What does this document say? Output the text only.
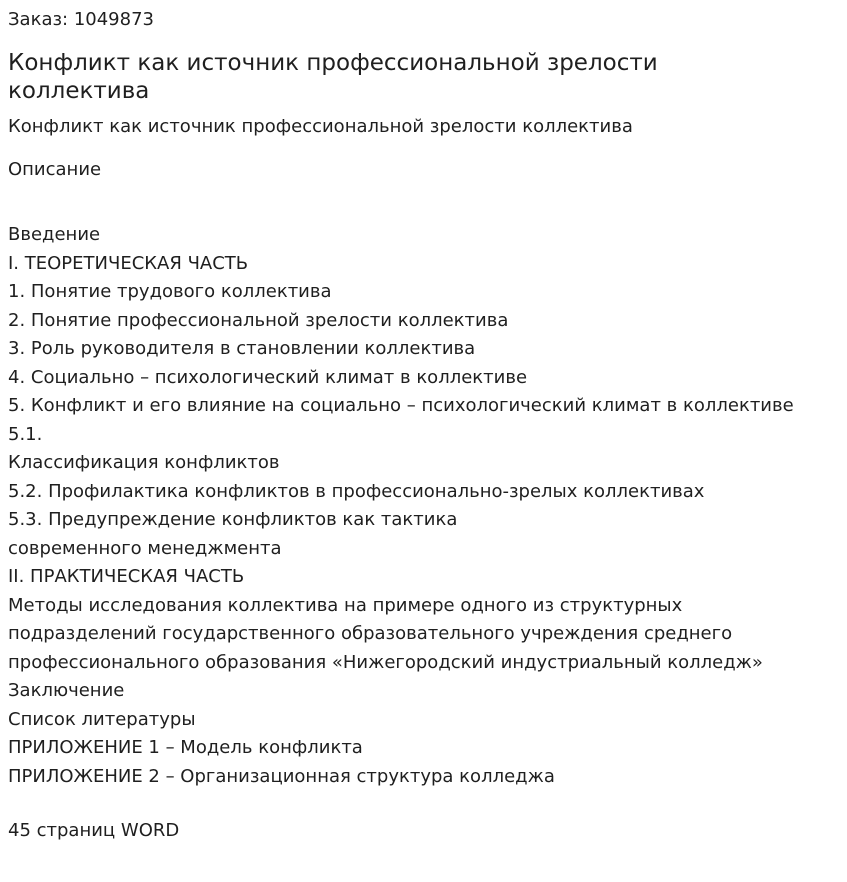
Заказ: 1049873
Конфликт как источник профессиональной зрелости коллектива
Конфликт как источник профессиональной зрелости коллектива
Описание
Введение
I. ТЕОРЕТИЧЕСКАЯ ЧАСТЬ
1. Понятие трудового коллектива
2. Понятие профессиональной зрелости коллектива
3. Роль руководителя в становлении коллектива
4. Социально – психологический климат в коллективе
5. Конфликт и его влияние на социально – психологический климат в коллективе
5.1.
Классификация конфликтов
5.2. Профилактика конфликтов в профессионально-зрелых коллективах
5.3. Предупреждение конфликтов как тактика
современного менеджмента
II. ПРАКТИЧЕСКАЯ ЧАСТЬ
Методы исследования коллектива на примере одного из структурных
подразделений государственного образовательного учреждения среднего
профессионального образования «Нижегородский индустриальный колледж»
Заключение
Список литературы
ПРИЛОЖЕНИЕ 1 – Модель конфликта
ПРИЛОЖЕНИЕ 2 – Организационная структура колледжа
45 страниц WORD
